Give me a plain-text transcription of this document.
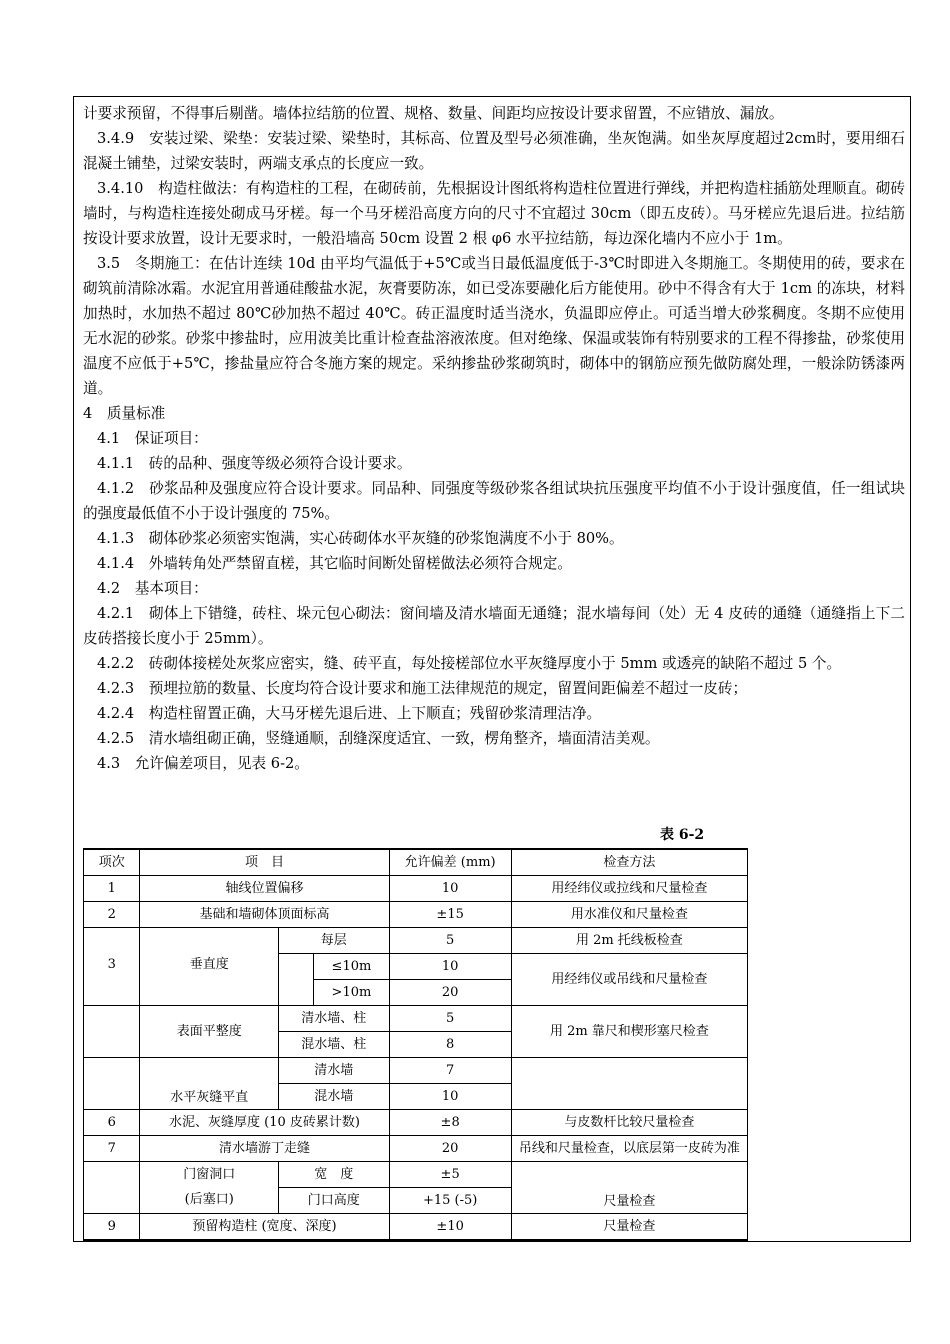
计要求预留，不得事后剔凿。墙体拉结筋的位置、规格、数量、间距均应按设计要求留置，不应错放、漏放。

3.4.9　安装过梁、梁垫：安装过梁、梁垫时，其标高、位置及型号必须准确，坐灰饱满。如坐灰厚度超过2cm时，要用细石混凝土铺垫，过梁安装时，两端支承点的长度应一致。

3.4.10　构造柱做法：有构造柱的工程，在砌砖前，先根据设计图纸将构造柱位置进行弹线，并把构造柱插筋处理顺直。砌砖墙时，与构造柱连接处砌成马牙槎。每一个马牙槎沿高度方向的尺寸不宜超过 30cm（即五皮砖）。马牙槎应先退后进。拉结筋按设计要求放置，设计无要求时，一般沿墙高 50cm 设置 2 根 φ6 水平拉结筋，每边深化墙内不应小于 1m。

3.5　冬期施工：在估计连续 10d 由平均气温低于+5℃或当日最低温度低于-3℃时即进入冬期施工。冬期使用的砖，要求在砌筑前清除冰霜。水泥宜用普通硅酸盐水泥，灰膏要防冻，如已受冻要融化后方能使用。砂中不得含有大于 1cm 的冻块，材料加热时，水加热不超过 80℃砂加热不超过 40℃。砖正温度时适当浇水，负温即应停止。可适当增大砂浆稠度。冬期不应使用无水泥的砂浆。砂浆中掺盐时，应用波美比重计检查盐溶液浓度。但对绝缘、保温或装饰有特别要求的工程不得掺盐，砂浆使用温度不应低于+5℃，掺盐量应符合冬施方案的规定。采纳掺盐砂浆砌筑时，砌体中的钢筋应预先做防腐处理，一般涂防锈漆两道。

4　质量标准

4.1　保证项目：

4.1.1　砖的品种、强度等级必须符合设计要求。

4.1.2　砂浆品种及强度应符合设计要求。同品种、同强度等级砂浆各组试块抗压强度平均值不小于设计强度值，任一组试块的强度最低值不小于设计强度的 75%。

4.1.3　砌体砂浆必须密实饱满，实心砖砌体水平灰缝的砂浆饱满度不小于 80%。

4.1.4　外墙转角处严禁留直槎，其它临时间断处留槎做法必须符合规定。

4.2　基本项目：

4.2.1　砌体上下错缝，砖柱、垛元包心砌法：窗间墙及清水墙面无通缝；混水墙每间（处）无 4 皮砖的通缝（通缝指上下二皮砖搭接长度小于 25mm）。

4.2.2　砖砌体接槎处灰浆应密实，缝、砖平直，每处接槎部位水平灰缝厚度小于 5mm 或透亮的缺陷不超过 5 个。

4.2.3　预埋拉筋的数量、长度均符合设计要求和施工法律规范的规定，留置间距偏差不超过一皮砖；

4.2.4　构造柱留置正确，大马牙槎先退后进、上下顺直；残留砂浆清理洁净。

4.2.5　清水墙组砌正确，竖缝通顺，刮缝深度适宜、一致，楞角整齐，墙面清洁美观。

4.3　允许偏差项目，见表 6-2。

表 6-2
项次	项　目			允许偏差 (mm)	检查方法
1	轴线位置偏移			10	用经纬仪或拉线和尺量检查
2	基础和墙砌体顶面标高			±15	用水准仪和尺量检查
3	垂直度	每层		5	用 2m 托线板检查
			≤10m	10	用经纬仪或吊线和尺量检查
			>10m	20	
	表面平整度	清水墙、柱		5	用 2m 靠尺和楔形塞尺检查
		混水墙、柱		8	
	水平灰缝平直	清水墙		7	
		混水墙		10	
6	水泥、灰缝厚度 (10 皮砖累计数)			±8	与皮数杆比较尺量检查
7	清水墙游丁走缝			20	吊线和尺量检查，以底层第一皮砖为准
	门窗洞口	宽　度		±5	尺量检查
	(后塞口)	门口高度		+15 (-5)	
9	预留构造柱 (宽度、深度)			±10	尺量检查
